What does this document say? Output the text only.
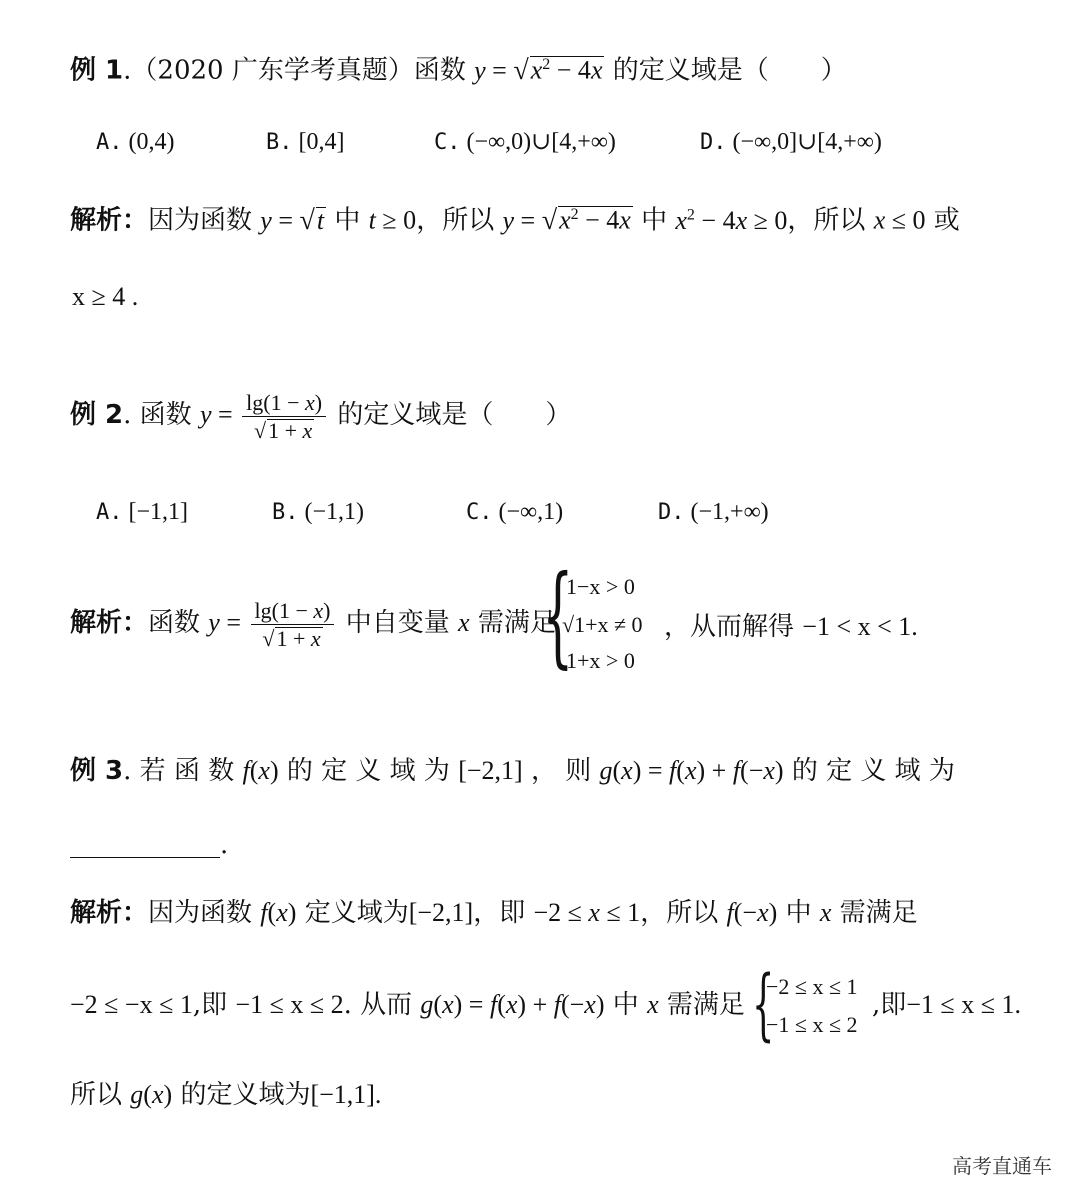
例 1.（2020 广东学考真题）函数 $y = √x^2 - 4x$ 的定义域是（　　）
A. (0,4)	B. [0,4]	C. (−∞,0)∪[4,+∞)	D. (−∞,0]∪[4,+∞)
解析：因为函数 y = √t 中 t ≥ 0，所以 $y = √x^2 - 4x$ 中 $x^2 - 4x \ge 0$，所以 x ≤ 0 或
x ≥ 4 .
例 2. 函数 $y = \frac{\lg(1 - x)}{√1 + x}$ 的定义域是（　　）
A. [−1,1]	B. (−1,1)	C. (−∞,1)	D. (−1,+∞)
解析：函数 $y = \frac{\lg(1 - x)}{√1 + x}$ 中自变量 x 需满足
{
1−x > 0
√1+x ≠ 0
1+x > 0
，从而解得 −1 < x < 1.
例 3. 若 函 数 f(x) 的 定 义 域 为 [−2,1] ， 则 g(x) = f(x) + f(−x) 的 定 义 域 为
.
解析：因为函数 f(x) 定义域为[−2,1]，即 −2 ≤ x ≤ 1，所以 f(−x) 中 x 需满足
−2 ≤ −x ≤ 1,即 −1 ≤ x ≤ 2. 从而 g(x) = f(x) + f(−x) 中 x 需满足 {
−2 ≤ x ≤ 1
−1 ≤ x ≤ 2
,即−1 ≤ x ≤ 1.
所以 g(x) 的定义域为[−1,1].
高考直通车
